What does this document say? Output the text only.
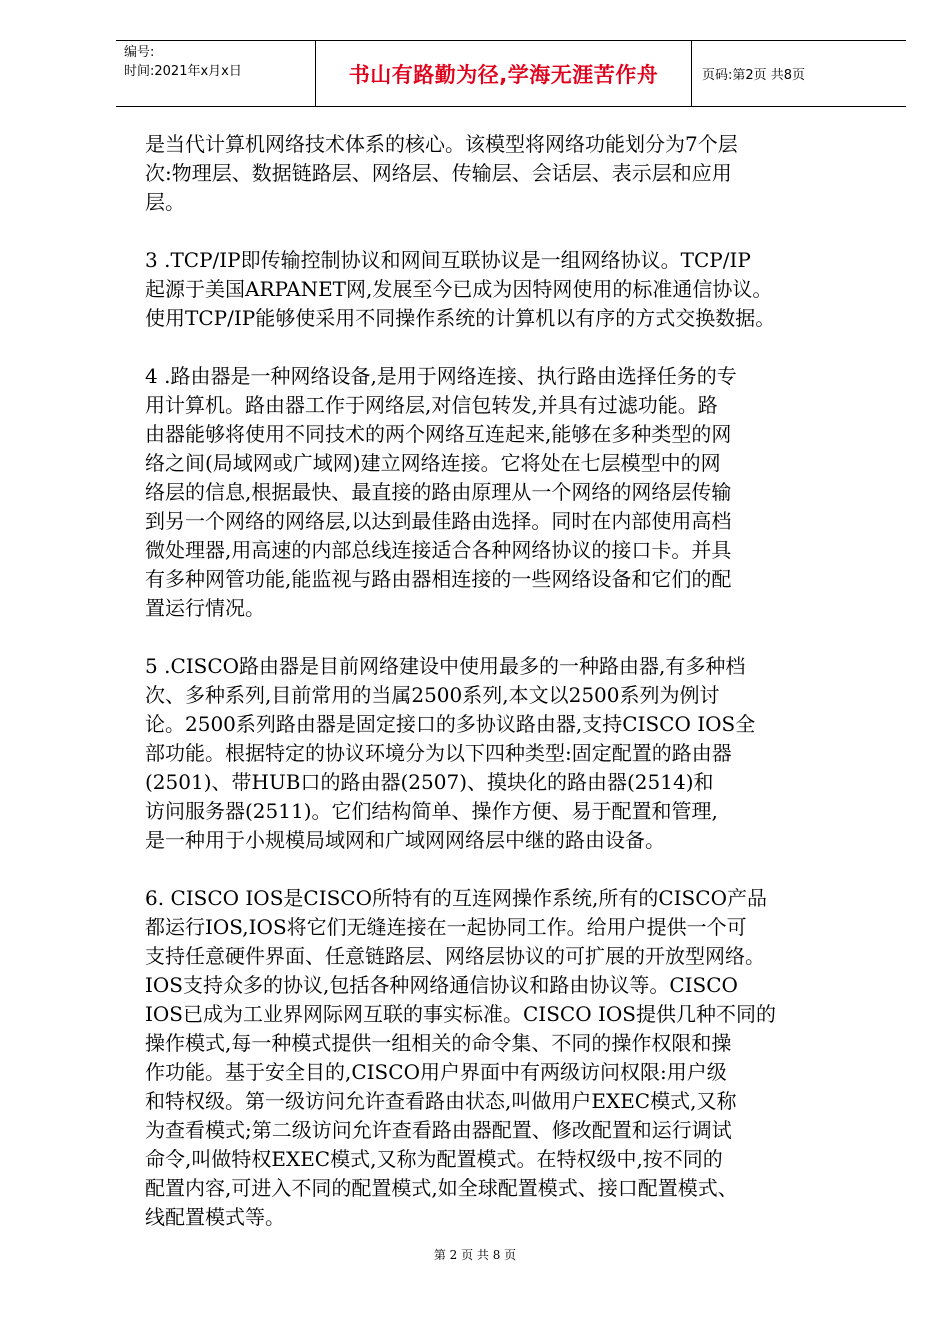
编号:
时间:2021年x月x日	书山有路勤为径,学海无涯苦作舟	页码:第2页 共8页
是当代计算机网络技术体系的核心。该模型将网络功能划分为7个层
次:物理层、数据链路层、网络层、传输层、会话层、表示层和应用
层。
3 .TCP/IP即传输控制协议和网间互联协议是一组网络协议。TCP/IP
起源于美国ARPANET网,发展至今已成为因特网使用的标准通信协议。
使用TCP/IP能够使采用不同操作系统的计算机以有序的方式交换数据。
4 .路由器是一种网络设备,是用于网络连接、执行路由选择任务的专
用计算机。路由器工作于网络层,对信包转发,并具有过滤功能。路
由器能够将使用不同技术的两个网络互连起来,能够在多种类型的网
络之间(局域网或广域网)建立网络连接。它将处在七层模型中的网
络层的信息,根据最快、最直接的路由原理从一个网络的网络层传输
到另一个网络的网络层,以达到最佳路由选择。同时在内部使用高档
微处理器,用高速的内部总线连接适合各种网络协议的接口卡。并具
有多种网管功能,能监视与路由器相连接的一些网络设备和它们的配
置运行情况。
5 .CISCO路由器是目前网络建设中使用最多的一种路由器,有多种档
次、多种系列,目前常用的当属2500系列,本文以2500系列为例讨
论。2500系列路由器是固定接口的多协议路由器,支持CISCO IOS全
部功能。根据特定的协议环境分为以下四种类型:固定配置的路由器
(2501)、带HUB口的路由器(2507)、摸块化的路由器(2514)和
访问服务器(2511)。它们结构简单、操作方便、易于配置和管理,
是一种用于小规模局域网和广域网网络层中继的路由设备。
6. CISCO IOS是CISCO所特有的互连网操作系统,所有的CISCO产品
都运行IOS,IOS将它们无缝连接在一起协同工作。给用户提供一个可
支持任意硬件界面、任意链路层、网络层协议的可扩展的开放型网络。
IOS支持众多的协议,包括各种网络通信协议和路由协议等。CISCO
IOS已成为工业界网际网互联的事实标准。CISCO IOS提供几种不同的
操作模式,每一种模式提供一组相关的命令集、不同的操作权限和操
作功能。基于安全目的,CISCO用户界面中有两级访问权限:用户级
和特权级。第一级访问允许查看路由状态,叫做用户EXEC模式,又称
为查看模式;第二级访问允许查看路由器配置、修改配置和运行调试
命令,叫做特权EXEC模式,又称为配置模式。在特权级中,按不同的
配置内容,可进入不同的配置模式,如全球配置模式、接口配置模式、
线配置模式等。
第 2 页 共 8 页
